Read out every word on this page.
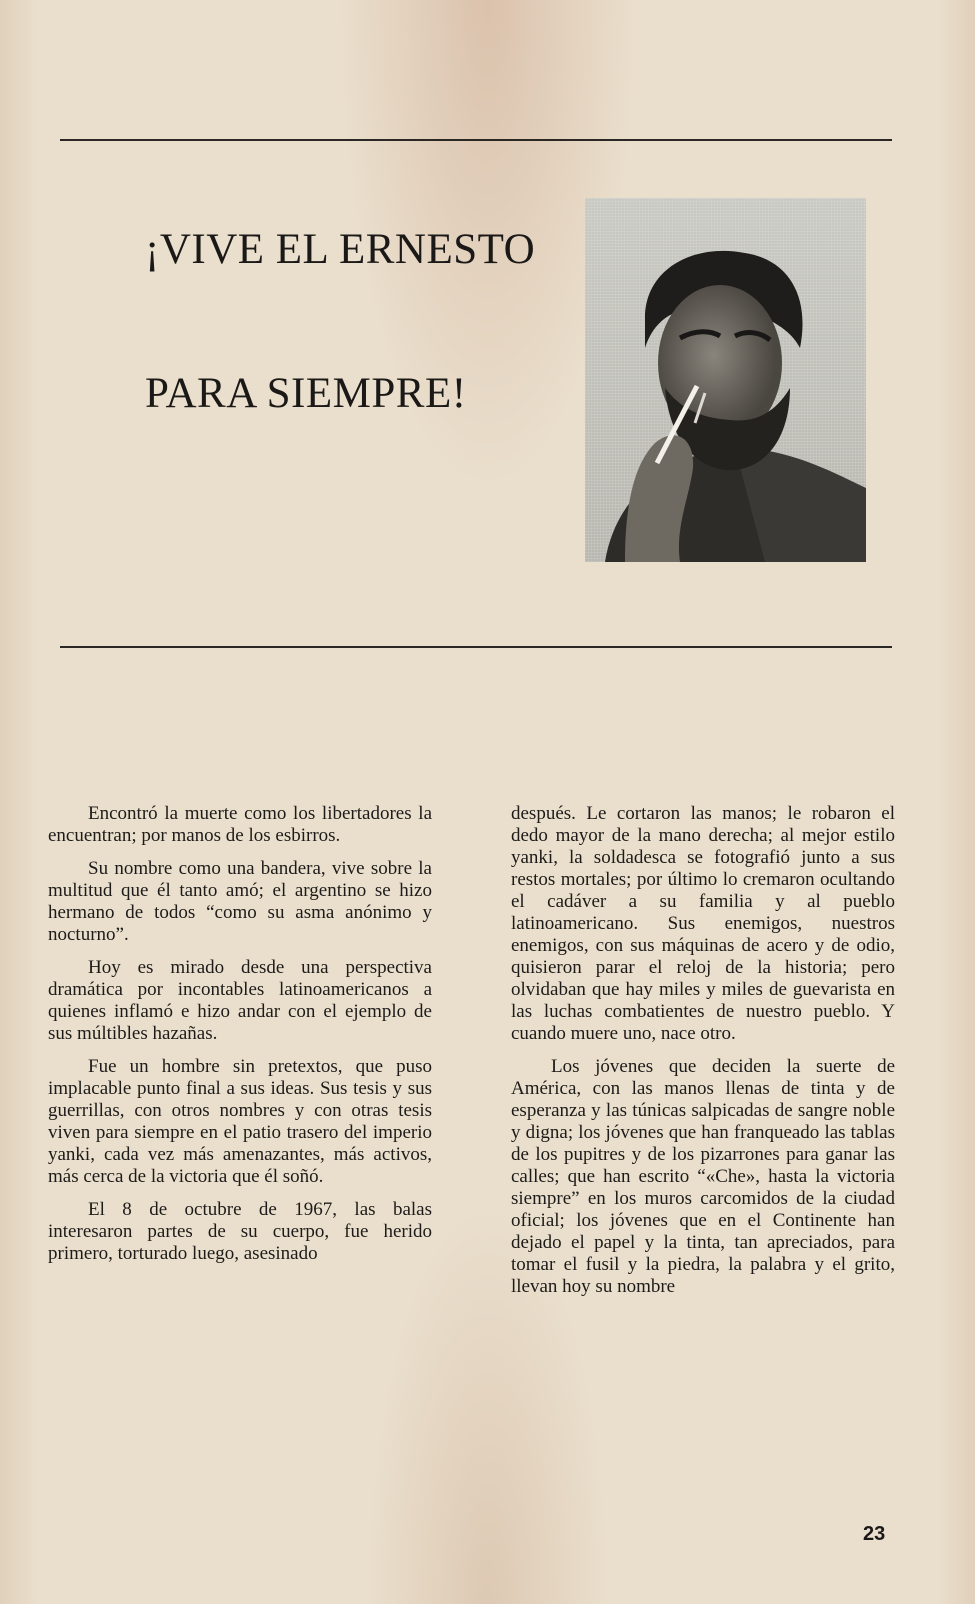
¡VIVE EL ERNESTO
PARA SIEMPRE!

Encontró la muerte como los libertadores la encuentran; por manos de los esbirros.

Su nombre como una bandera, vive sobre la multitud que él tanto amó; el argentino se hizo hermano de todos “como su asma anónimo y nocturno”.

Hoy es mirado desde una perspectiva dramática por incontables latinoamericanos a quienes inflamó e hizo andar con el ejemplo de sus múltibles hazañas.

Fue un hombre sin pretextos, que puso implacable punto final a sus ideas. Sus tesis y sus guerrillas, con otros nombres y con otras tesis viven para siempre en el patio trasero del imperio yanki, cada vez más amenazantes, más activos, más cerca de la victoria que él soñó.

El 8 de octubre de 1967, las balas interesaron partes de su cuerpo, fue herido primero, torturado luego, asesinado

después. Le cortaron las manos; le robaron el dedo mayor de la mano derecha; al mejor estilo yanki, la soldadesca se fotografió junto a sus restos mortales; por último lo cremaron ocultando el cadáver a su familia y al pueblo latinoamericano. Sus enemigos, nuestros enemigos, con sus máquinas de acero y de odio, quisieron parar el reloj de la historia; pero olvidaban que hay miles y miles de guevarista en las luchas combatientes de nuestro pueblo. Y cuando muere uno, nace otro.

Los jóvenes que deciden la suerte de América, con las manos llenas de tinta y de esperanza y las túnicas salpicadas de sangre noble y digna; los jóvenes que han franqueado las tablas de los pupitres y de los pizarrones para ganar las calles; que han escrito “«Che», hasta la victoria siempre” en los muros carcomidos de la ciudad oficial; los jóvenes que en el Continente han dejado el papel y la tinta, tan apreciados, para tomar el fusil y la piedra, la palabra y el grito, llevan hoy su nombre

23
